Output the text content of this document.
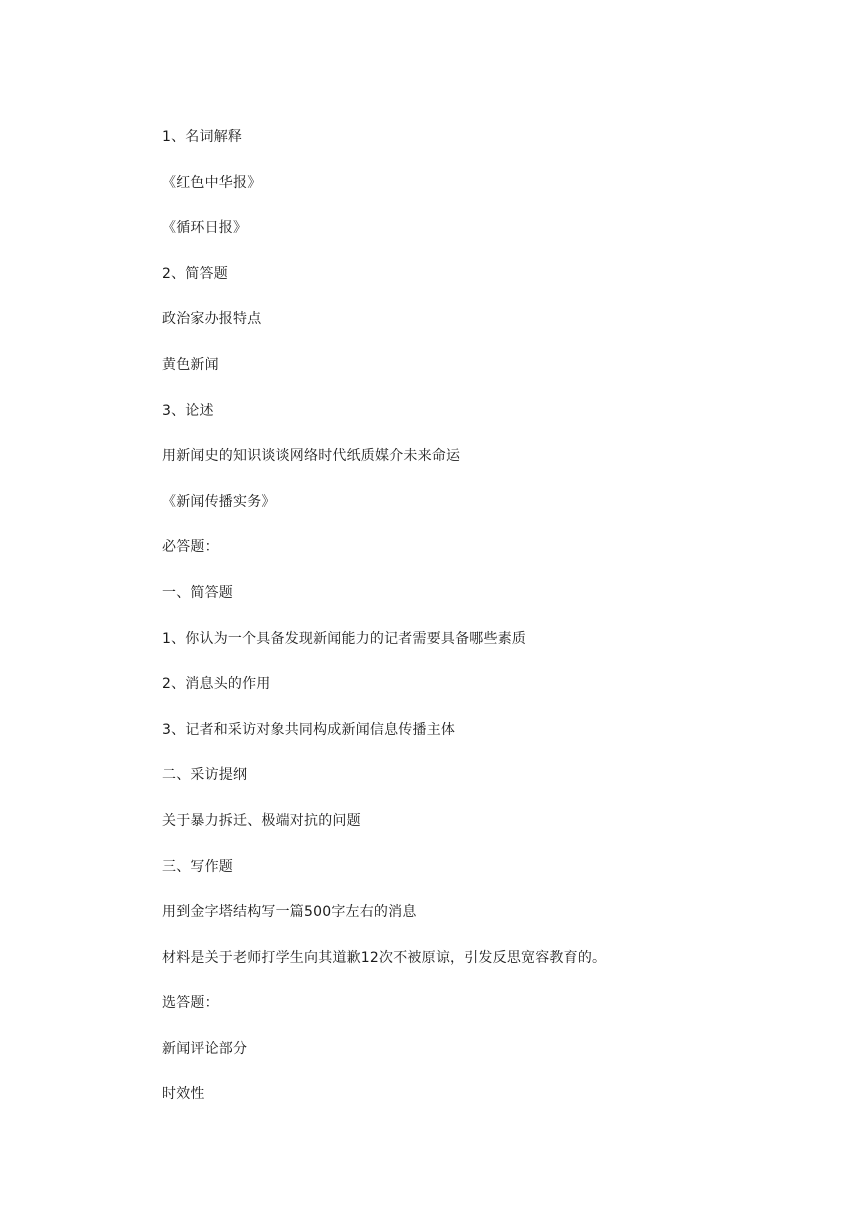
1、名词解释

《红色中华报》

《循环日报》

2、简答题

政治家办报特点

黄色新闻

3、论述

用新闻史的知识谈谈网络时代纸质媒介未来命运

《新闻传播实务》

必答题：

一、简答题

1、你认为一个具备发现新闻能力的记者需要具备哪些素质

2、消息头的作用

3、记者和采访对象共同构成新闻信息传播主体

二、采访提纲

关于暴力拆迁、极端对抗的问题

三、写作题

用到金字塔结构写一篇500字左右的消息

材料是关于老师打学生向其道歉12次不被原谅，引发反思宽容教育的。

选答题：

新闻评论部分

时效性
